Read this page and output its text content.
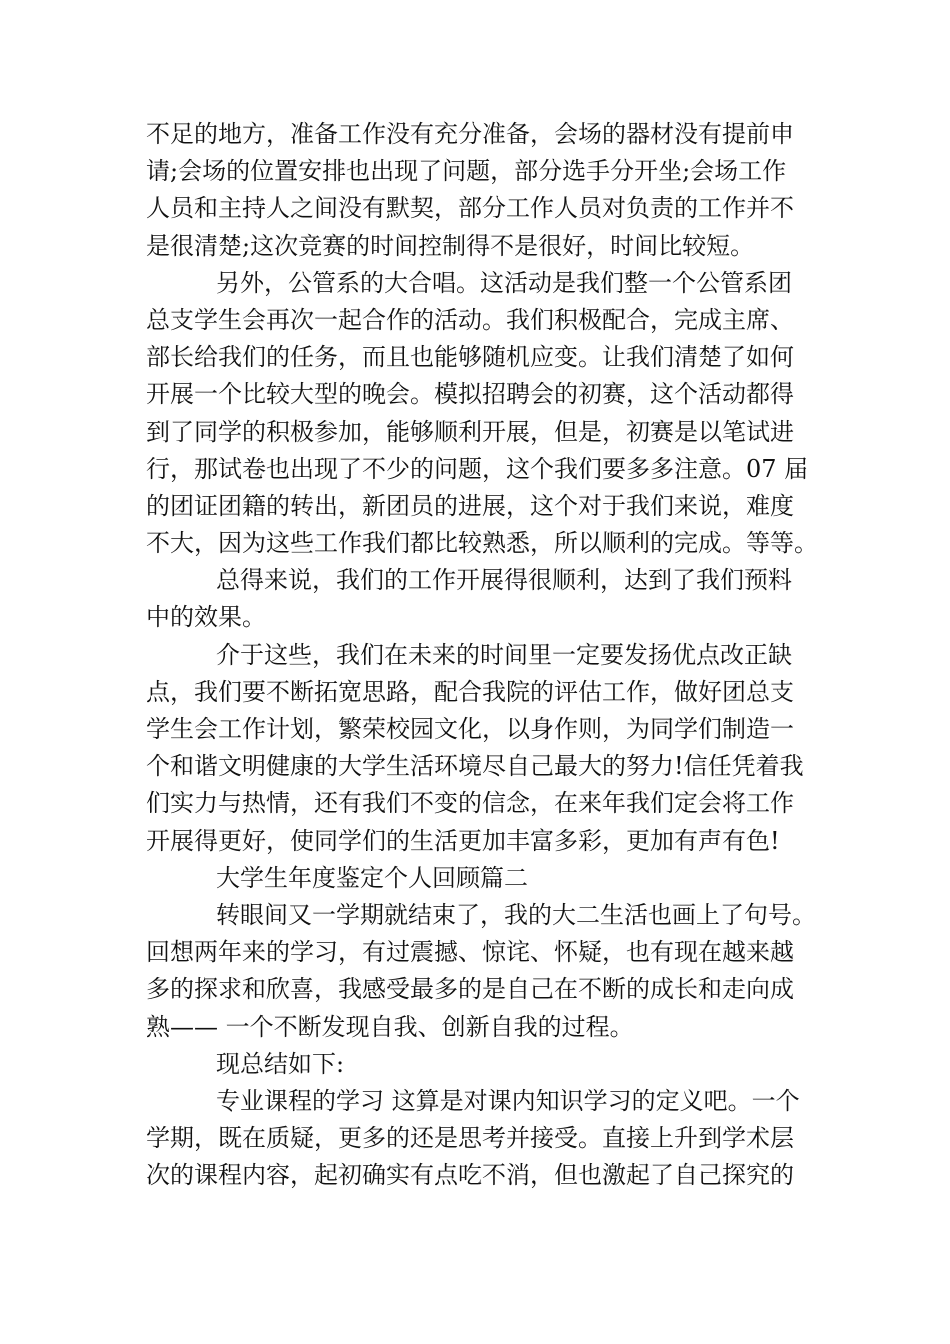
不足的地方，准备工作没有充分准备，会场的器材没有提前申
请;会场的位置安排也出现了问题，部分选手分开坐;会场工作
人员和主持人之间没有默契，部分工作人员对负责的工作并不
是很清楚;这次竞赛的时间控制得不是很好，时间比较短。
另外，公管系的大合唱。这活动是我们整一个公管系团
总支学生会再次一起合作的活动。我们积极配合，完成主席、
部长给我们的任务，而且也能够随机应变。让我们清楚了如何
开展一个比较大型的晚会。模拟招聘会的初赛，这个活动都得
到了同学的积极参加，能够顺利开展，但是，初赛是以笔试进
行，那试卷也出现了不少的问题，这个我们要多多注意。07 届
的团证团籍的转出，新团员的进展，这个对于我们来说，难度
不大，因为这些工作我们都比较熟悉，所以顺利的完成。等等。
总得来说，我们的工作开展得很顺利，达到了我们预料
中的效果。
介于这些，我们在未来的时间里一定要发扬优点改正缺
点，我们要不断拓宽思路，配合我院的评估工作，做好团总支
学生会工作计划，繁荣校园文化，以身作则，为同学们制造一
个和谐文明健康的大学生活环境尽自己最大的努力!信任凭着我
们实力与热情，还有我们不变的信念，在来年我们定会将工作
开展得更好，使同学们的生活更加丰富多彩，更加有声有色!
大学生年度鉴定个人回顾篇二
转眼间又一学期就结束了，我的大二生活也画上了句号。
回想两年来的学习，有过震撼、惊诧、怀疑，也有现在越来越
多的探求和欣喜，我感受最多的是自己在不断的成长和走向成
熟—— 一个不断发现自我、创新自我的过程。
现总结如下:
专业课程的学习 这算是对课内知识学习的定义吧。一个
学期，既在质疑，更多的还是思考并接受。直接上升到学术层
次的课程内容，起初确实有点吃不消，但也激起了自己探究的
